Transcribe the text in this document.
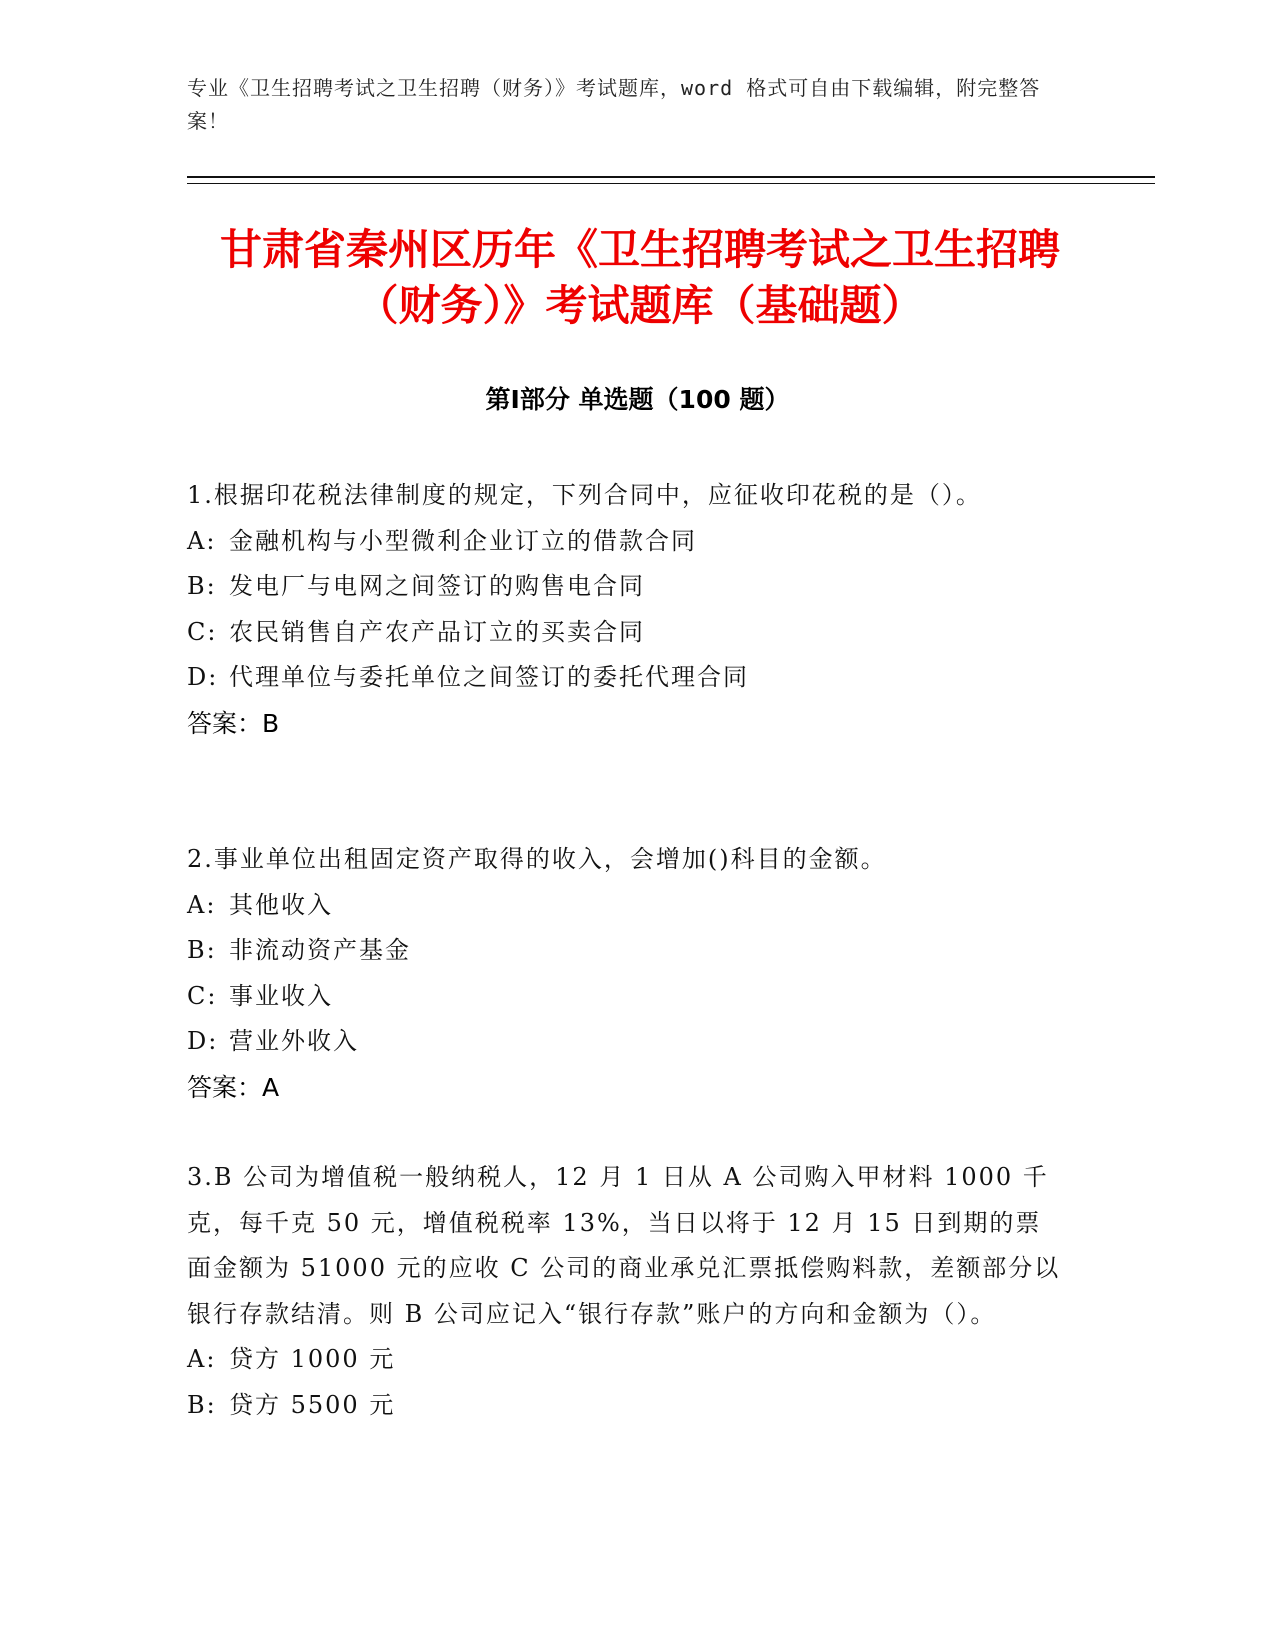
专业《卫生招聘考试之卫生招聘（财务）》考试题库，word 格式可自由下载编辑，附完整答案！
甘肃省秦州区历年《卫生招聘考试之卫生招聘（财务）》考试题库（基础题）
第Ⅰ部分 单选题（100 题）

1.根据印花税法律制度的规定，下列合同中，应征收印花税的是（）。

A: 金融机构与小型微利企业订立的借款合同

B: 发电厂与电网之间签订的购售电合同

C: 农民销售自产农产品订立的买卖合同

D: 代理单位与委托单位之间签订的委托代理合同

答案：B

2.事业单位出租固定资产取得的收入，会增加()科目的金额。

A: 其他收入

B: 非流动资产基金

C: 事业收入

D: 营业外收入

答案：A

3.B 公司为增值税一般纳税人，12 月 1 日从 A 公司购入甲材料 1000 千克，每千克 50 元，增值税税率 13%，当日以将于 12 月 15 日到期的票面金额为 51000 元的应收 C 公司的商业承兑汇票抵偿购料款，差额部分以银行存款结清。则 B 公司应记入“银行存款”账户的方向和金额为（）。

A: 贷方 1000 元

B: 贷方 5500 元
